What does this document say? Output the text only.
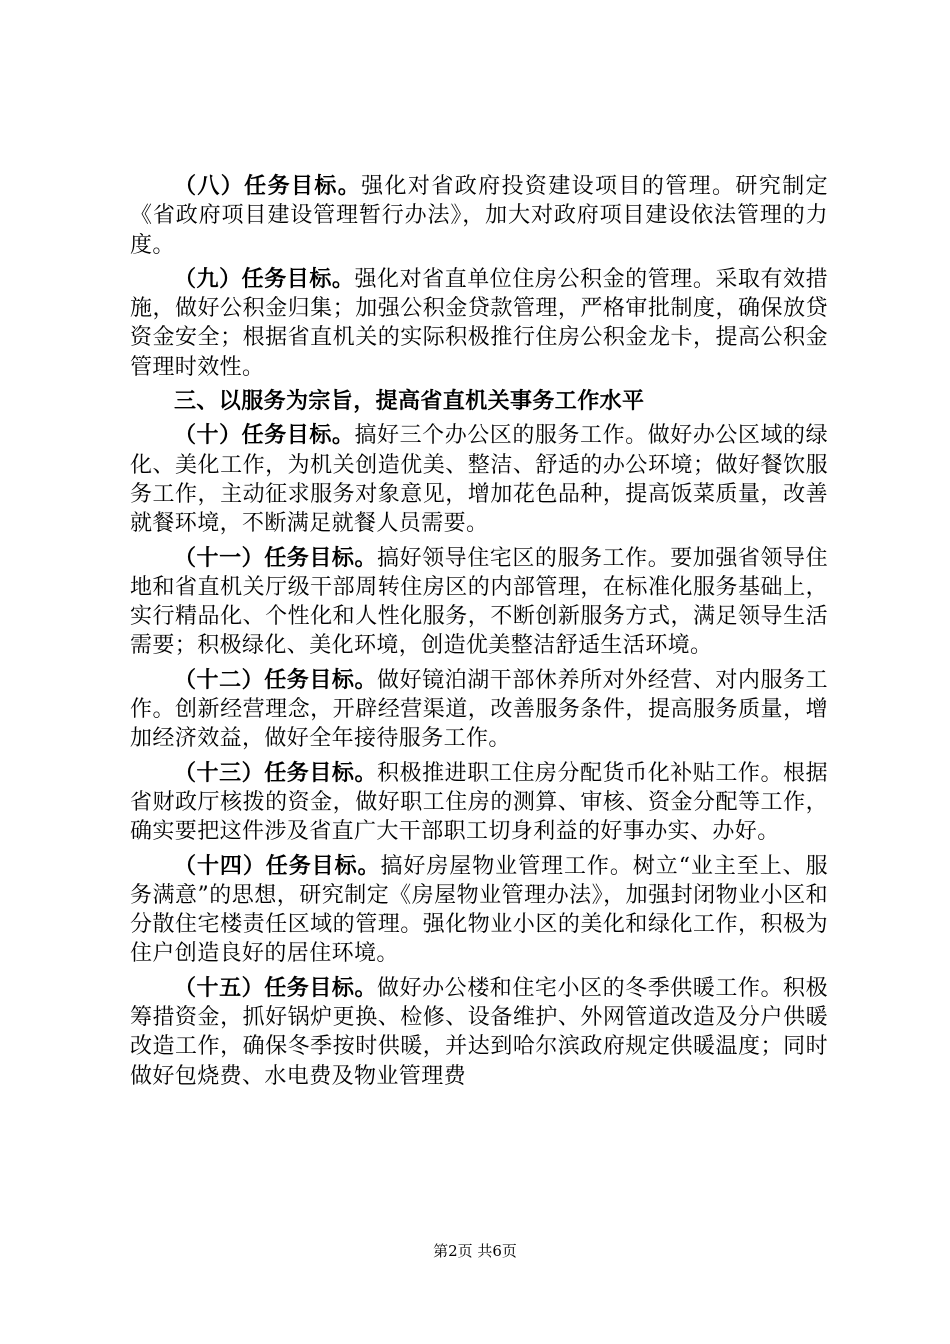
（八）任务目标。强化对省政府投资建设项目的管理。研究制定《省政府项目建设管理暂行办法》，加大对政府项目建设依法管理的力度。

（九）任务目标。强化对省直单位住房公积金的管理。采取有效措施，做好公积金归集；加强公积金贷款管理，严格审批制度，确保放贷资金安全；根据省直机关的实际积极推行住房公积金龙卡，提高公积金管理时效性。

三、以服务为宗旨，提高省直机关事务工作水平

（十）任务目标。搞好三个办公区的服务工作。做好办公区域的绿化、美化工作，为机关创造优美、整洁、舒适的办公环境；做好餐饮服务工作，主动征求服务对象意见，增加花色品种，提高饭菜质量，改善就餐环境，不断满足就餐人员需要。

（十一）任务目标。搞好领导住宅区的服务工作。要加强省领导住地和省直机关厅级干部周转住房区的内部管理，在标准化服务基础上，实行精品化、个性化和人性化服务，不断创新服务方式，满足领导生活需要；积极绿化、美化环境，创造优美整洁舒适生活环境。

（十二）任务目标。做好镜泊湖干部休养所对外经营、对内服务工作。创新经营理念，开辟经营渠道，改善服务条件，提高服务质量，增加经济效益，做好全年接待服务工作。

（十三）任务目标。积极推进职工住房分配货币化补贴工作。根据省财政厅核拨的资金，做好职工住房的测算、审核、资金分配等工作，确实要把这件涉及省直广大干部职工切身利益的好事办实、办好。

（十四）任务目标。搞好房屋物业管理工作。树立“业主至上、服务满意”的思想，研究制定《房屋物业管理办法》，加强封闭物业小区和分散住宅楼责任区域的管理。强化物业小区的美化和绿化工作，积极为住户创造良好的居住环境。

（十五）任务目标。做好办公楼和住宅小区的冬季供暖工作。积极筹措资金，抓好锅炉更换、检修、设备维护、外网管道改造及分户供暖改造工作，确保冬季按时供暖，并达到哈尔滨政府规定供暖温度；同时做好包烧费、水电费及物业管理费

第2页 共6页
